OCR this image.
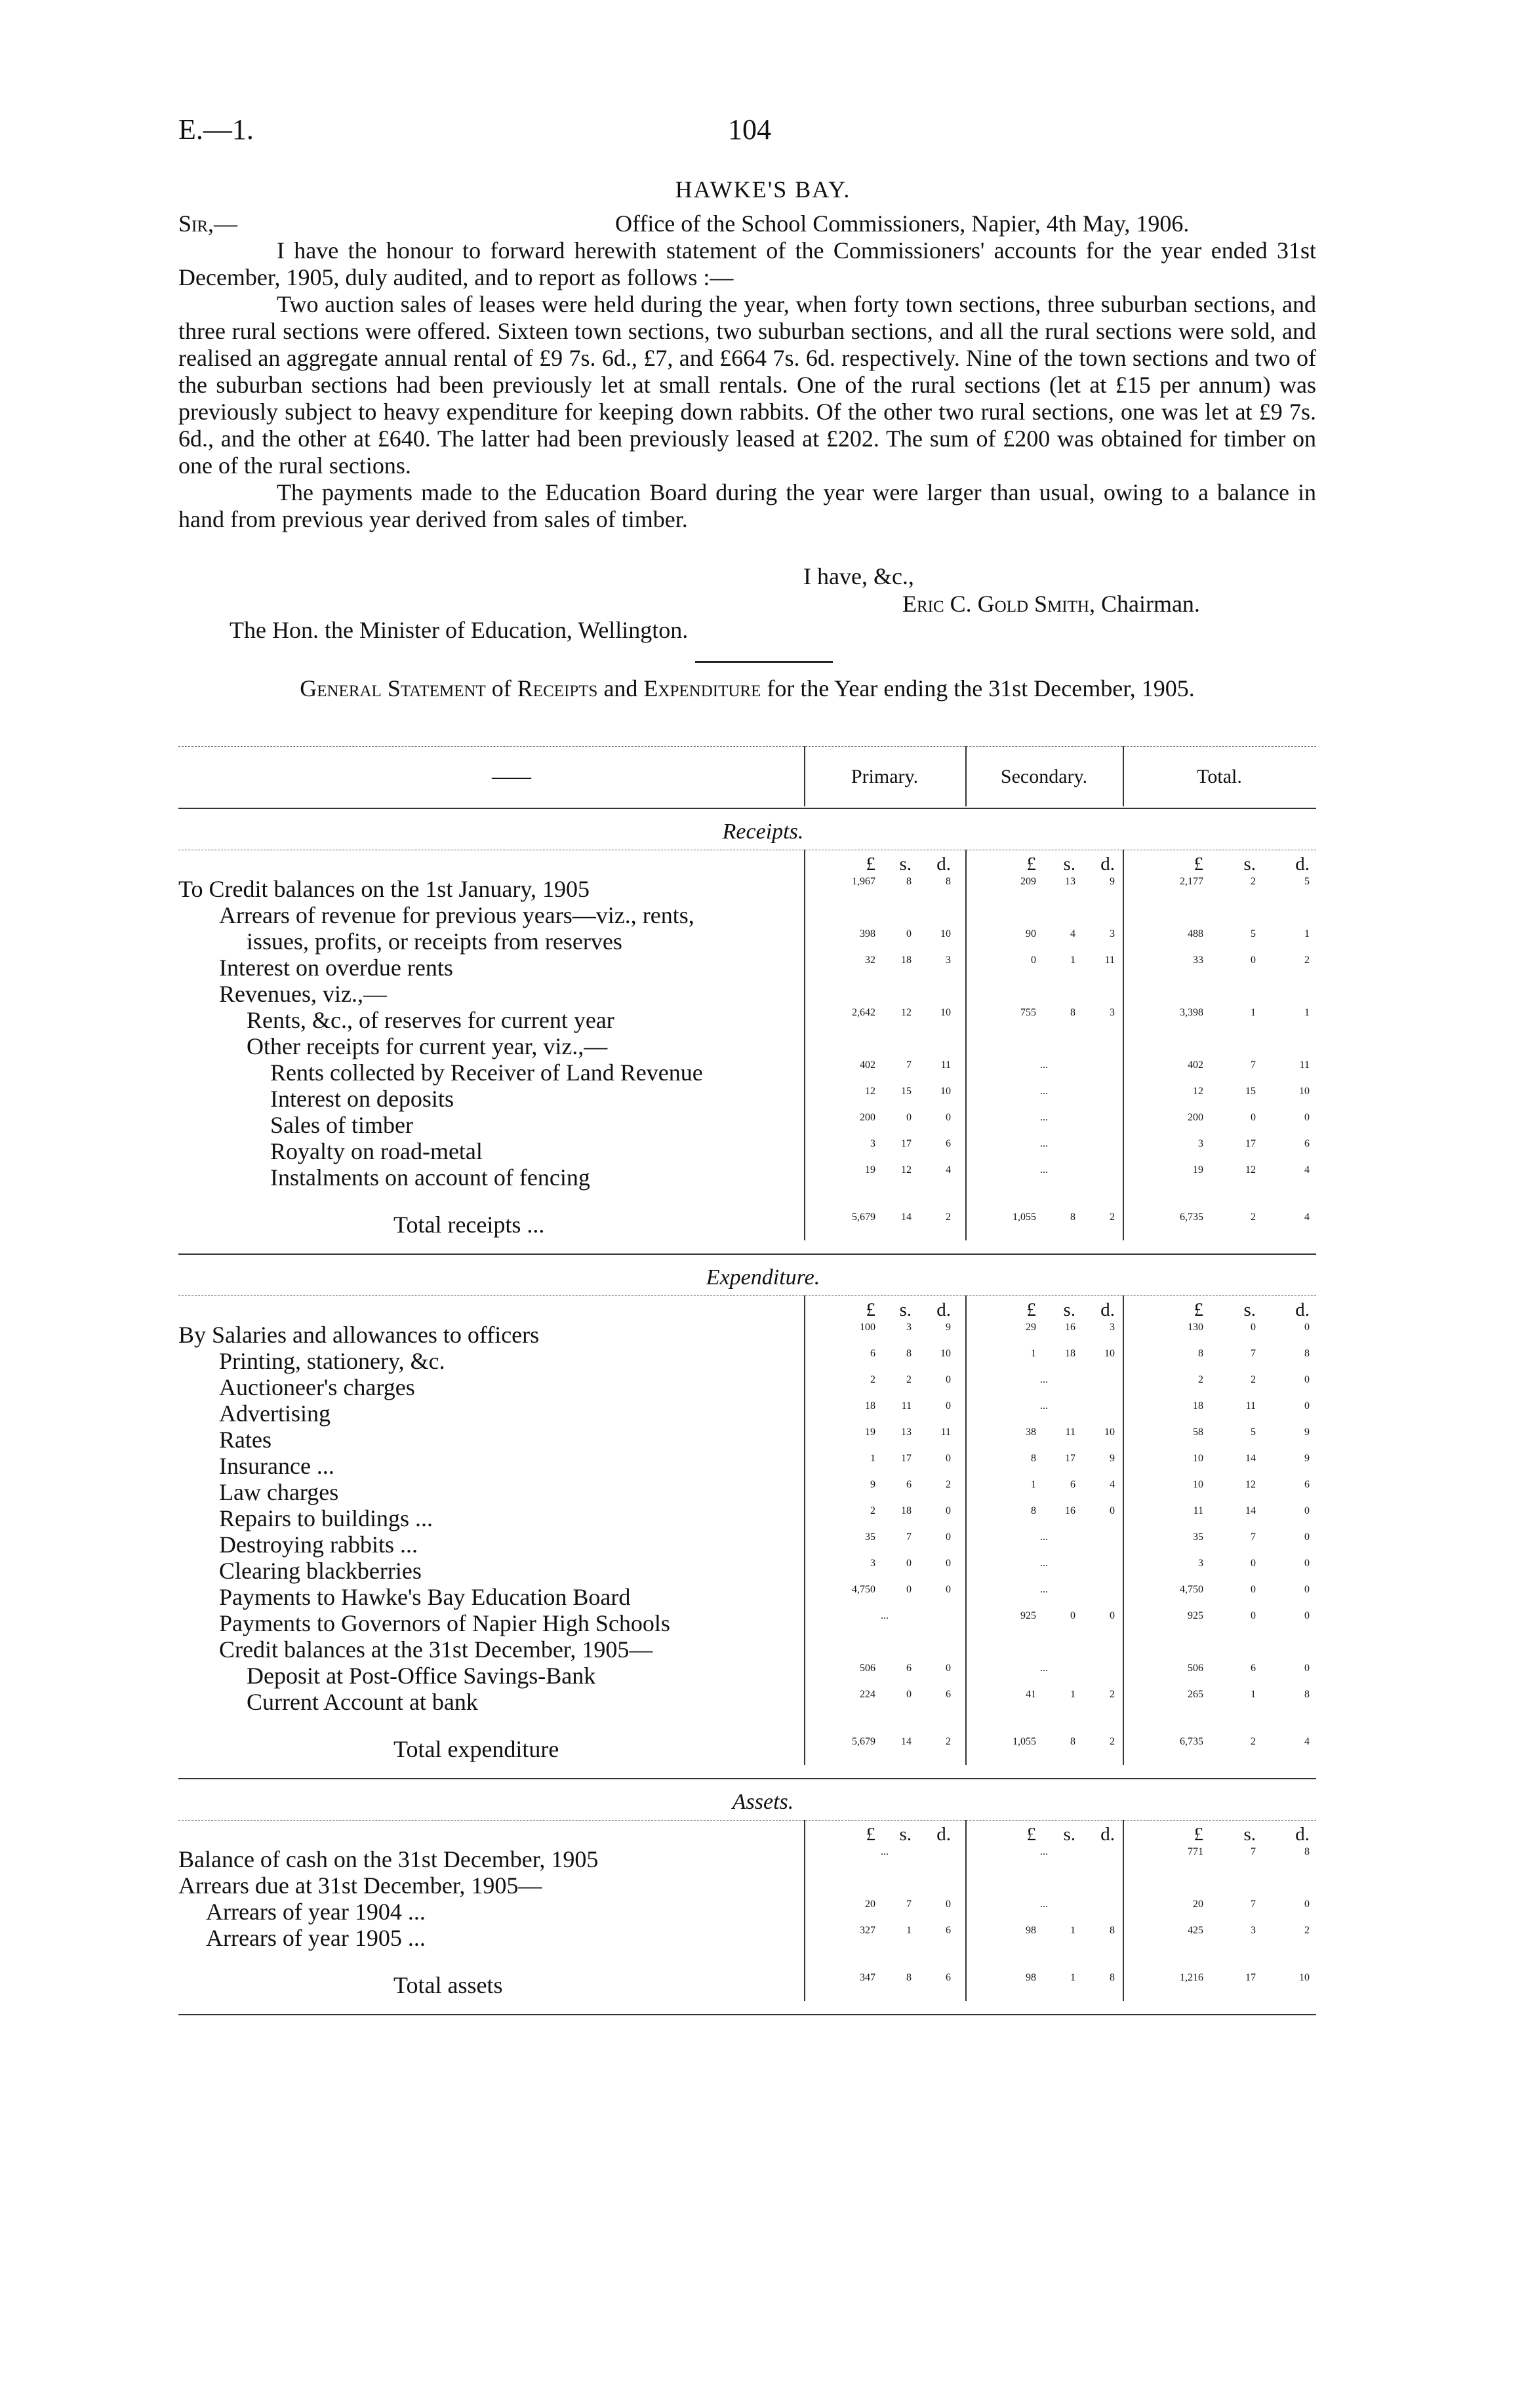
E.—1.	104
HAWKE'S BAY.
Sir,—	Office of the School Commissioners, Napier, 4th May, 1906.

I have the honour to forward herewith statement of the Commissioners' accounts for the year ended 31st December, 1905, duly audited, and to report as follows :—

Two auction sales of leases were held during the year, when forty town sections, three suburban sections, and three rural sections were offered. Sixteen town sections, two suburban sections, and all the rural sections were sold, and realised an aggregate annual rental of £9 7s. 6d., £7, and £664 7s. 6d. respectively. Nine of the town sections and two of the suburban sections had been previously let at small rentals. One of the rural sections (let at £15 per annum) was previously subject to heavy expenditure for keeping down rabbits. Of the other two rural sections, one was let at £9 7s. 6d., and the other at £640. The latter had been previously leased at £202. The sum of £200 was obtained for timber on one of the rural sections.

The payments made to the Education Board during the year were larger than usual, owing to a balance in hand from previous year derived from sales of timber.

I have, &c.,
Eric C. Gold Smith, Chairman.
The Hon. the Minister of Education, Wellington.
General Statement of Receipts and Expenditure for the Year ending the 31st December, 1905.
——	Primary.	Secondary.	Total.
Receipts.
£	s.	d.	£	s.	d.	£	s.	d.
To Credit balances on the 1st January, 1905	1,967	8	8	209	13	9	2,177	2	5
Arrears of revenue for previous years—viz., rents,
issues, profits, or receipts from reserves	398	0	10	90	4	3	488	5	1
Interest on overdue rents	32	18	3	0	1	11	33	0	2
Revenues, viz.,—
Rents, &c., of reserves for current year	2,642	12	10	755	8	3	3,398	1	1
Other receipts for current year, viz.,—
Rents collected by Receiver of Land Revenue	402	7	11	...	402	7	11
Interest on deposits	12	15	10	...	12	15	10
Sales of timber	200	0	0	...	200	0	0
Royalty on road-metal	3	17	6	...	3	17	6
Instalments on account of fencing	19	12	4	...	19	12	4
Total receipts ...	5,679	14	2	1,055	8	2	6,735	2	4
Expenditure.
£	s.	d.	£	s.	d.	£	s.	d.
By Salaries and allowances to officers	100	3	9	29	16	3	130	0	0
Printing, stationery, &c.	6	8	10	1	18	10	8	7	8
Auctioneer's charges	2	2	0	...	2	2	0
Advertising	18	11	0	...	18	11	0
Rates	19	13	11	38	11	10	58	5	9
Insurance ...	1	17	0	8	17	9	10	14	9
Law charges	9	6	2	1	6	4	10	12	6
Repairs to buildings ...	2	18	0	8	16	0	11	14	0
Destroying rabbits ...	35	7	0	...	35	7	0
Clearing blackberries	3	0	0	...	3	0	0
Payments to Hawke's Bay Education Board	4,750	0	0	...	4,750	0	0
Payments to Governors of Napier High Schools	...	925	0	0	925	0	0
Credit balances at the 31st December, 1905—
Deposit at Post-Office Savings-Bank	506	6	0	...	506	6	0
Current Account at bank	224	0	6	41	1	2	265	1	8
Total expenditure	5,679	14	2	1,055	8	2	6,735	2	4
Assets.
£	s.	d.	£	s.	d.	£	s.	d.
Balance of cash on the 31st December, 1905	...	...	771	7	8
Arrears due at 31st December, 1905—
Arrears of year 1904 ...	20	7	0	...	20	7	0
Arrears of year 1905 ...	327	1	6	98	1	8	425	3	2
Total assets	347	8	6	98	1	8	1,216	17	10
